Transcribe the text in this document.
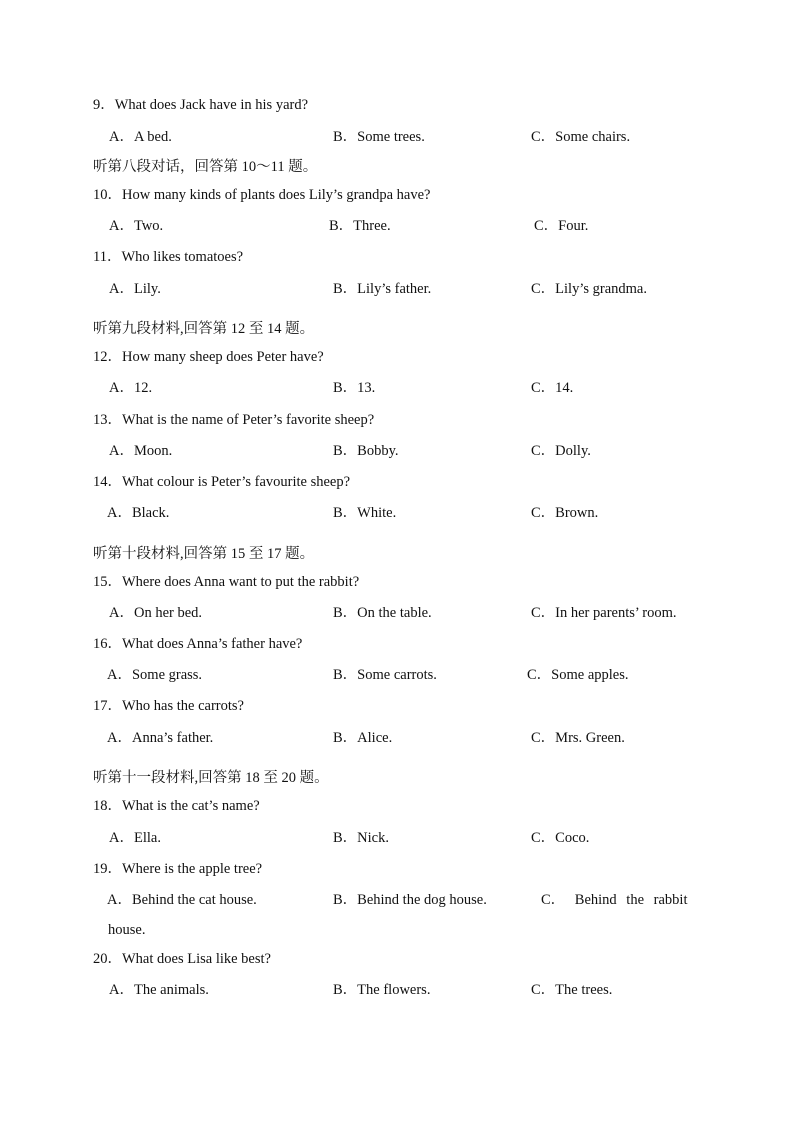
9．What does Jack have in his yard?
A．A bed.	B．Some trees.	C．Some chairs.
听第八段对话，回答第 10～11 题。
10．How many kinds of plants does Lily’s grandpa have?
A．Two.	B．Three.	C．Four.
11．Who likes tomatoes?
A．Lily.	B．Lily’s father.	C．Lily’s grandma.
听第九段材料,回答第 12 至 14 题。
12．How many sheep does Peter have?
A．12.	B．13.	C．14.
13．What is the name of Peter’s favorite sheep?
A．Moon.	B．Bobby.	C．Dolly.
14．What colour is Peter’s favourite sheep?
A．Black.	B．White.	C．Brown.
听第十段材料,回答第 15 至 17 题。
15．Where does Anna want to put the rabbit?
A．On her bed.	B．On the table.	C．In her parents’ room.
16．What does Anna’s father have?
A．Some grass.	B．Some carrots.	C．Some apples.
17．Who has the carrots?
A．Anna’s father.	B．Alice.	C．Mrs. Green.
听第十一段材料,回答第 18 至 20 题。
18．What is the cat’s name?
A．Ella.	B．Nick.	C．Coco.
19．Where is the apple tree?
A．Behind the cat house.	B．Behind the dog house.	C． Behind the rabbit
house.
20．What does Lisa like best?
A．The animals.	B．The flowers.	C．The trees.
